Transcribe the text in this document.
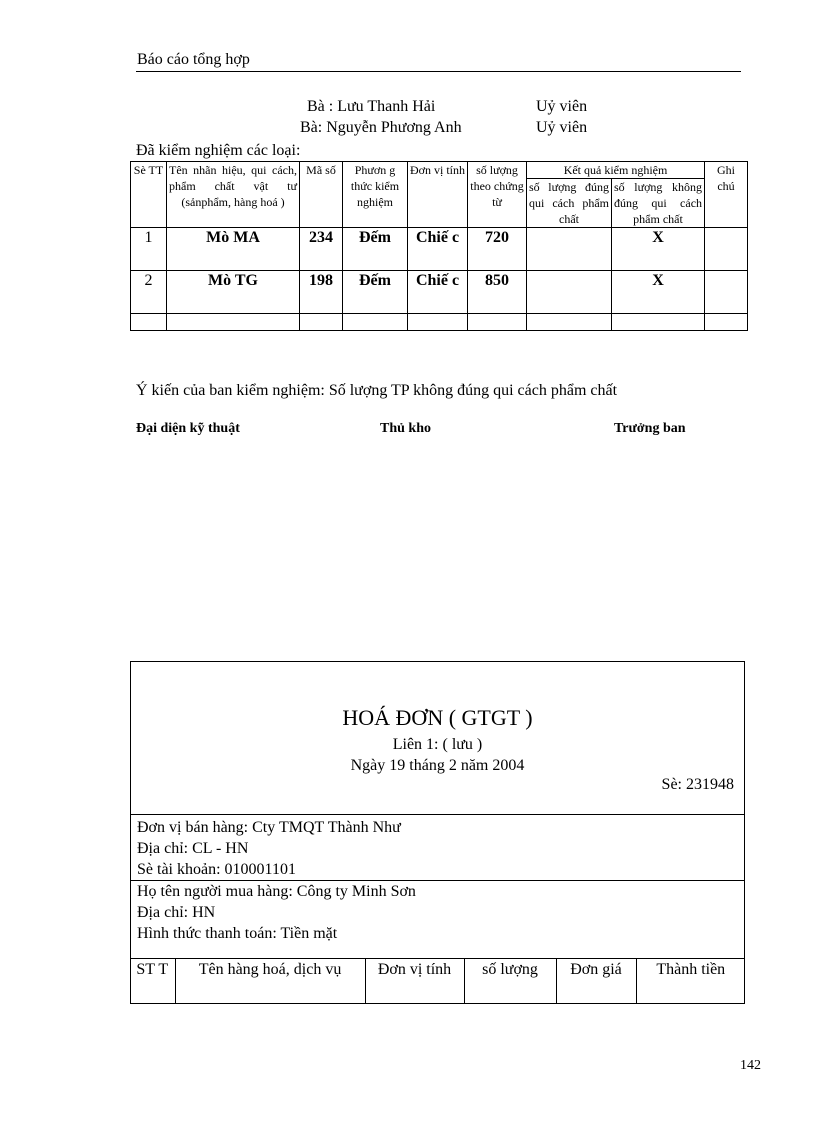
Báo cáo tổng hợp
Bà : Lưu Thanh Hải	Uỷ viên
Bà: Nguyễn Phương Anh	Uỷ viên
Đã kiểm nghiệm các loại:
Sè TT	Tên nhãn hiệu, qui cách, phẩm chất vật tư (sảnphẩm, hàng hoá )	Mã số	Phươn g thức kiểm nghiệm	Đơn vị tính	số lượng theo chứng từ	Kết quả kiểm nghiệm		Ghi chú
						số lượng đúng qui cách phẩm chất	số lượng không đúng qui cách phẩm chất	
1	Mò MA	234	Đếm	Chiế c	720		X	
2	Mò TG	198	Đếm	Chiế c	850		X	

Ý kiến của ban kiểm nghiệm: Số lượng TP không đúng qui cách phẩm chất
Đại diện kỹ thuật	Thủ kho	Trưởng ban
HOÁ ĐƠN ( GTGT )
Liên 1: ( lưu )
Ngày 19 tháng 2 năm 2004
Sè: 231948
Đơn vị bán hàng: Cty TMQT Thành Như
Địa chỉ: CL - HN
Sè tài khoản: 010001101
Họ tên người mua hàng: Công ty Minh Sơn
Địa chỉ: HN
Hình thức thanh toán: Tiền mặt
ST T	Tên hàng hoá, dịch vụ	Đơn vị tính	số lượng	Đơn giá	Thành tiền
142
